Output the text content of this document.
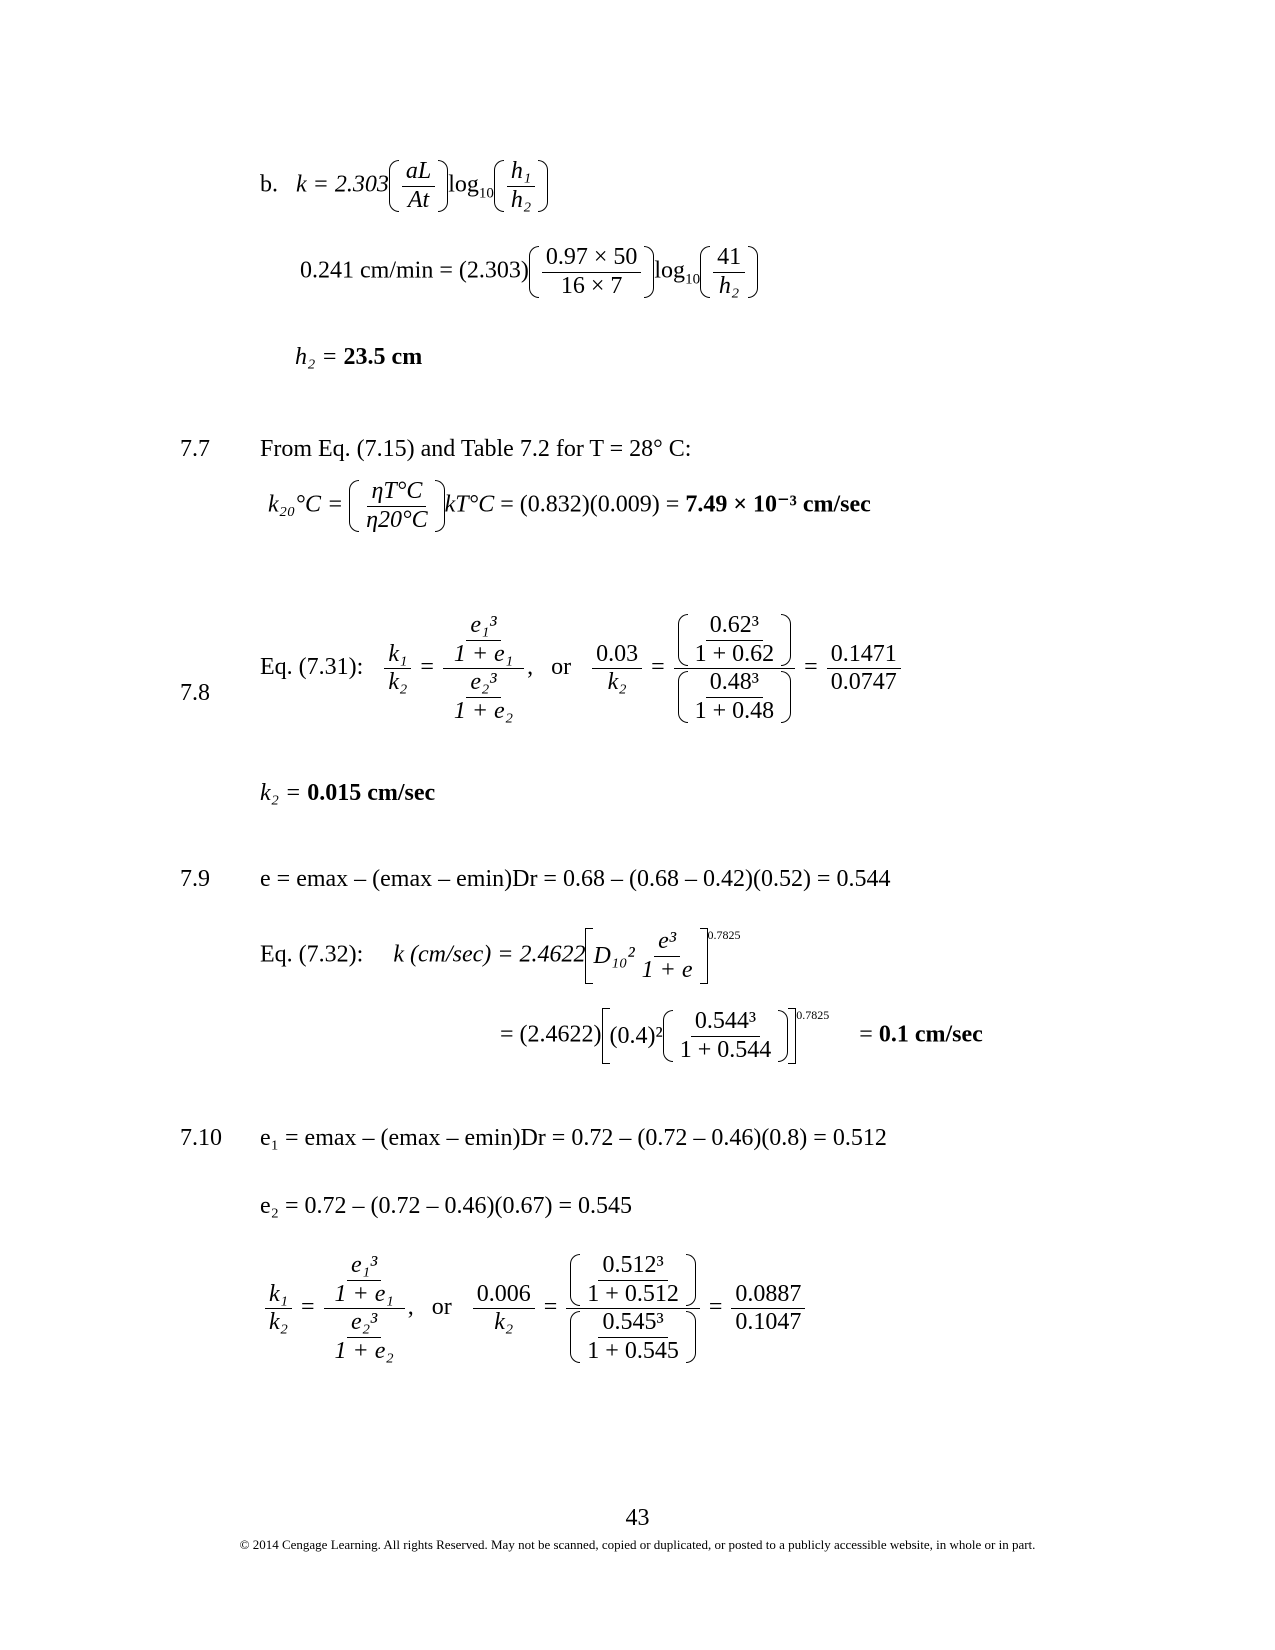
b. $k = 2.303 \frac{aL}{At} \log_{10} \frac{\text{h₁}}{\text{h₂}}$
0.241 $cm/\min = (2.303) \frac{0.97 \times 50}{16 \times 7} \log_{10} \frac{41}{\text{h₂}}$
h₂ = 23.5 cm
7.7 From Eq. (7.15) and Table 7.2 for T = 28° C:
$k_{20}^\circ C = \frac{\eta T^\circ C}{\eta 20^\circ C} kT^\circ C = (0.832)(0.009) = 7.49 \times 10^{-3}$ cm/sec
7.8
Eq. (7.31): $\frac{\text{k₁}}{\text{k₂}} = \frac{\frac{\text{e₁³}}{\text{1 + e₁}}}{\frac{\text{e₂³}}{\text{1 + e₂}}}$ ,   or $\frac{0.03}{\text{k₂}} = \frac{\frac{\text{0.62³}}{1 + 0.62}}{\frac{\text{0.48³}}{1 + 0.48}} = \frac{0.1471}{0.0747}$
k₂ = 0.015 cm/sec
7.9 e = emax – (emax – emin)Dr = 0.68 – (0.68 – 0.42)(0.52) = 0.544
Eq. (7.32): k (cm/sec) = 2.4622 $D_{10}^2 \frac{\text{e³}}{1 + e} ^{0.7825}$
= (2.4622) $(0.4)^2 \frac{\text{0.544³}}{1 + 0.544} ^{0.7825}$     = 0.1 cm/sec
7.10 e₁ = emax – (emax – emin)Dr = 0.72 – (0.72 – 0.46)(0.8) = 0.512
e₂ = 0.72 – (0.72 – 0.46)(0.67) = 0.545
$\frac{\text{k₁}}{\text{k₂}} = \frac{\frac{\text{e₁³}}{\text{1 + e₁}}}{\frac{\text{e₂³}}{\text{1 + e₂}}}$ ,   or $\frac{0.006}{\text{k₂}} = \frac{\frac{\text{0.512³}}{1 + 0.512}}{\frac{\text{0.545³}}{1 + 0.545}} = \frac{0.0887}{0.1047}$
43
© 2014 Cengage Learning. All rights Reserved. May not be scanned, copied or duplicated, or posted to a publicly accessible website, in whole or in part.
